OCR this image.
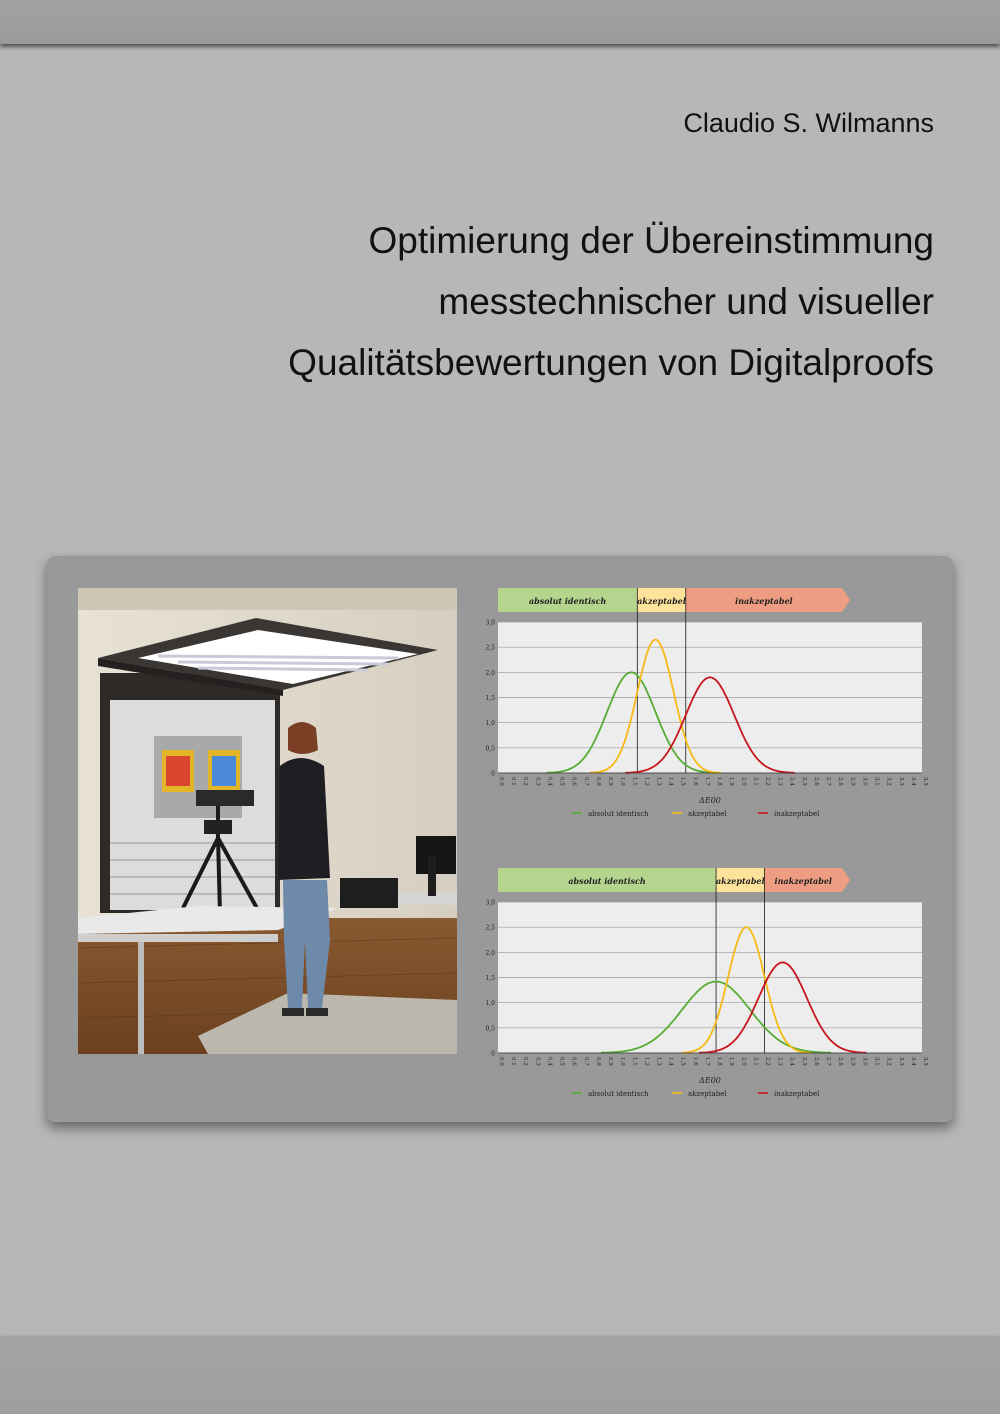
Claudio S. Wilmanns
Optimierung der Übereinstimmung
messtechnischer und visueller
Qualitätsbewertungen von Digitalproofs
absolut identisch	akzeptabel	inakzeptabel
0
0,5
1,0
1,5
2,0
2,5
3,0
0,0 0,1 0,2 0,3 0,4 0,5 0,6 0,7 0,8 0,9 1,0 1,1 1,2 1,3 1,4 1,5 1,6 1,7 1,8 1,9 2,0 2,1 2,2 2,3 2,4 2,5 2,6 2,7 2,8 2,9 3,0 3,1 3,2 3,3 3,4 3,5
ΔE00
absolut identisch	akzeptabel	inakzeptabel
absolut identisch	akzeptabel inakzeptabel
0
0,5
1,0
1,5
2,0
2,5
3,0
0,0 0,1 0,2 0,3 0,4 0,5 0,6 0,7 0,8 0,9 1,0 1,1 1,2 1,3 1,4 1,5 1,6 1,7 1,8 1,9 2,0 2,1 2,2 2,3 2,4 2,5 2,6 2,7 2,8 2,9 3,0 3,1 3,2 3,3 3,4 3,5
ΔE00
absolut identisch	akzeptabel	inakzeptabel
